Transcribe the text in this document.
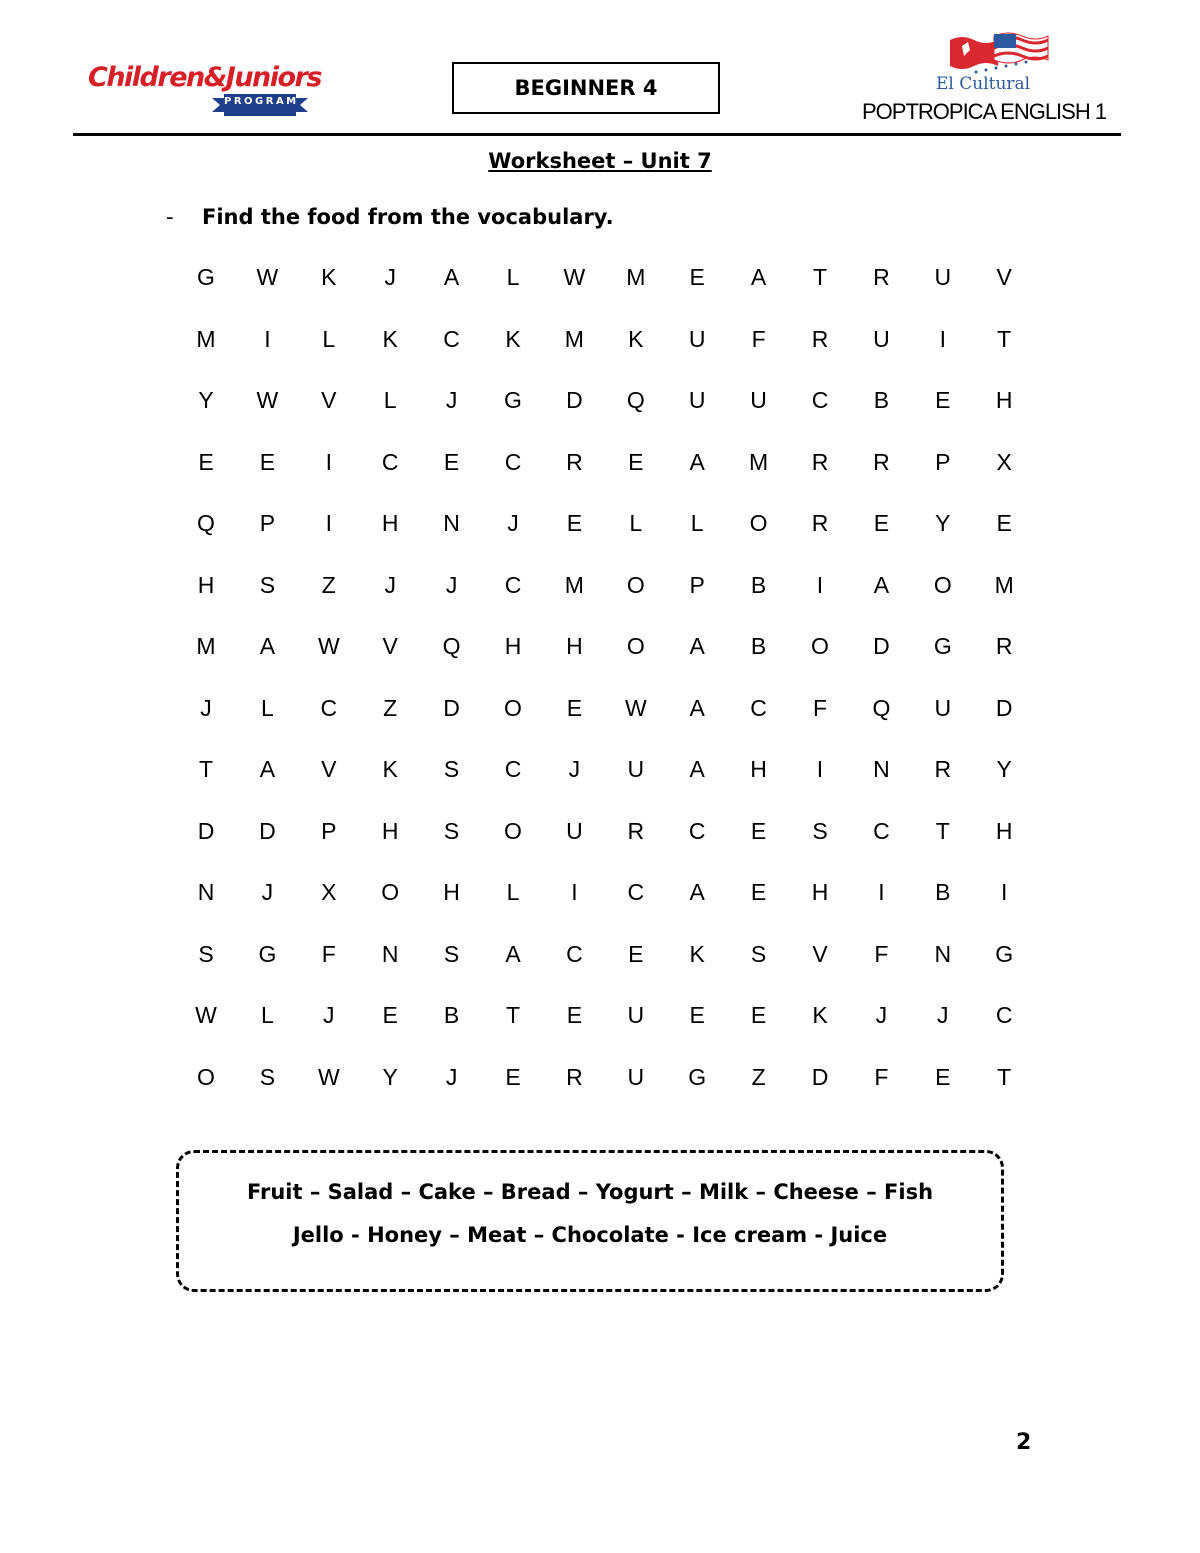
Children&Juniors
PROGRAM
BEGINNER 4	El Cultural
POPTROPICA ENGLISH 1
Worksheet – Unit 7
- Find the food from the vocabulary.
G	W	K	J	A	L	W	M	E	A	T	R	U	V
M	I	L	K	C	K	M	K	U	F	R	U	I	T
Y	W	V	L	J	G	D	Q	U	U	C	B	E	H
E	E	I	C	E	C	R	E	A	M	R	R	P	X
Q	P	I	H	N	J	E	L	L	O	R	E	Y	E
H	S	Z	J	J	C	M	O	P	B	I	A	O	M
M	A	W	V	Q	H	H	O	A	B	O	D	G	R
J	L	C	Z	D	O	E	W	A	C	F	Q	U	D
T	A	V	K	S	C	J	U	A	H	I	N	R	Y
D	D	P	H	S	O	U	R	C	E	S	C	T	H
N	J	X	O	H	L	I	C	A	E	H	I	B	I
S	G	F	N	S	A	C	E	K	S	V	F	N	G
W	L	J	E	B	T	E	U	E	E	K	J	J	C
O	S	W	Y	J	E	R	U	G	Z	D	F	E	T
Fruit – Salad – Cake – Bread – Yogurt – Milk – Cheese – Fish
Jello - Honey – Meat – Chocolate - Ice cream - Juice
2
